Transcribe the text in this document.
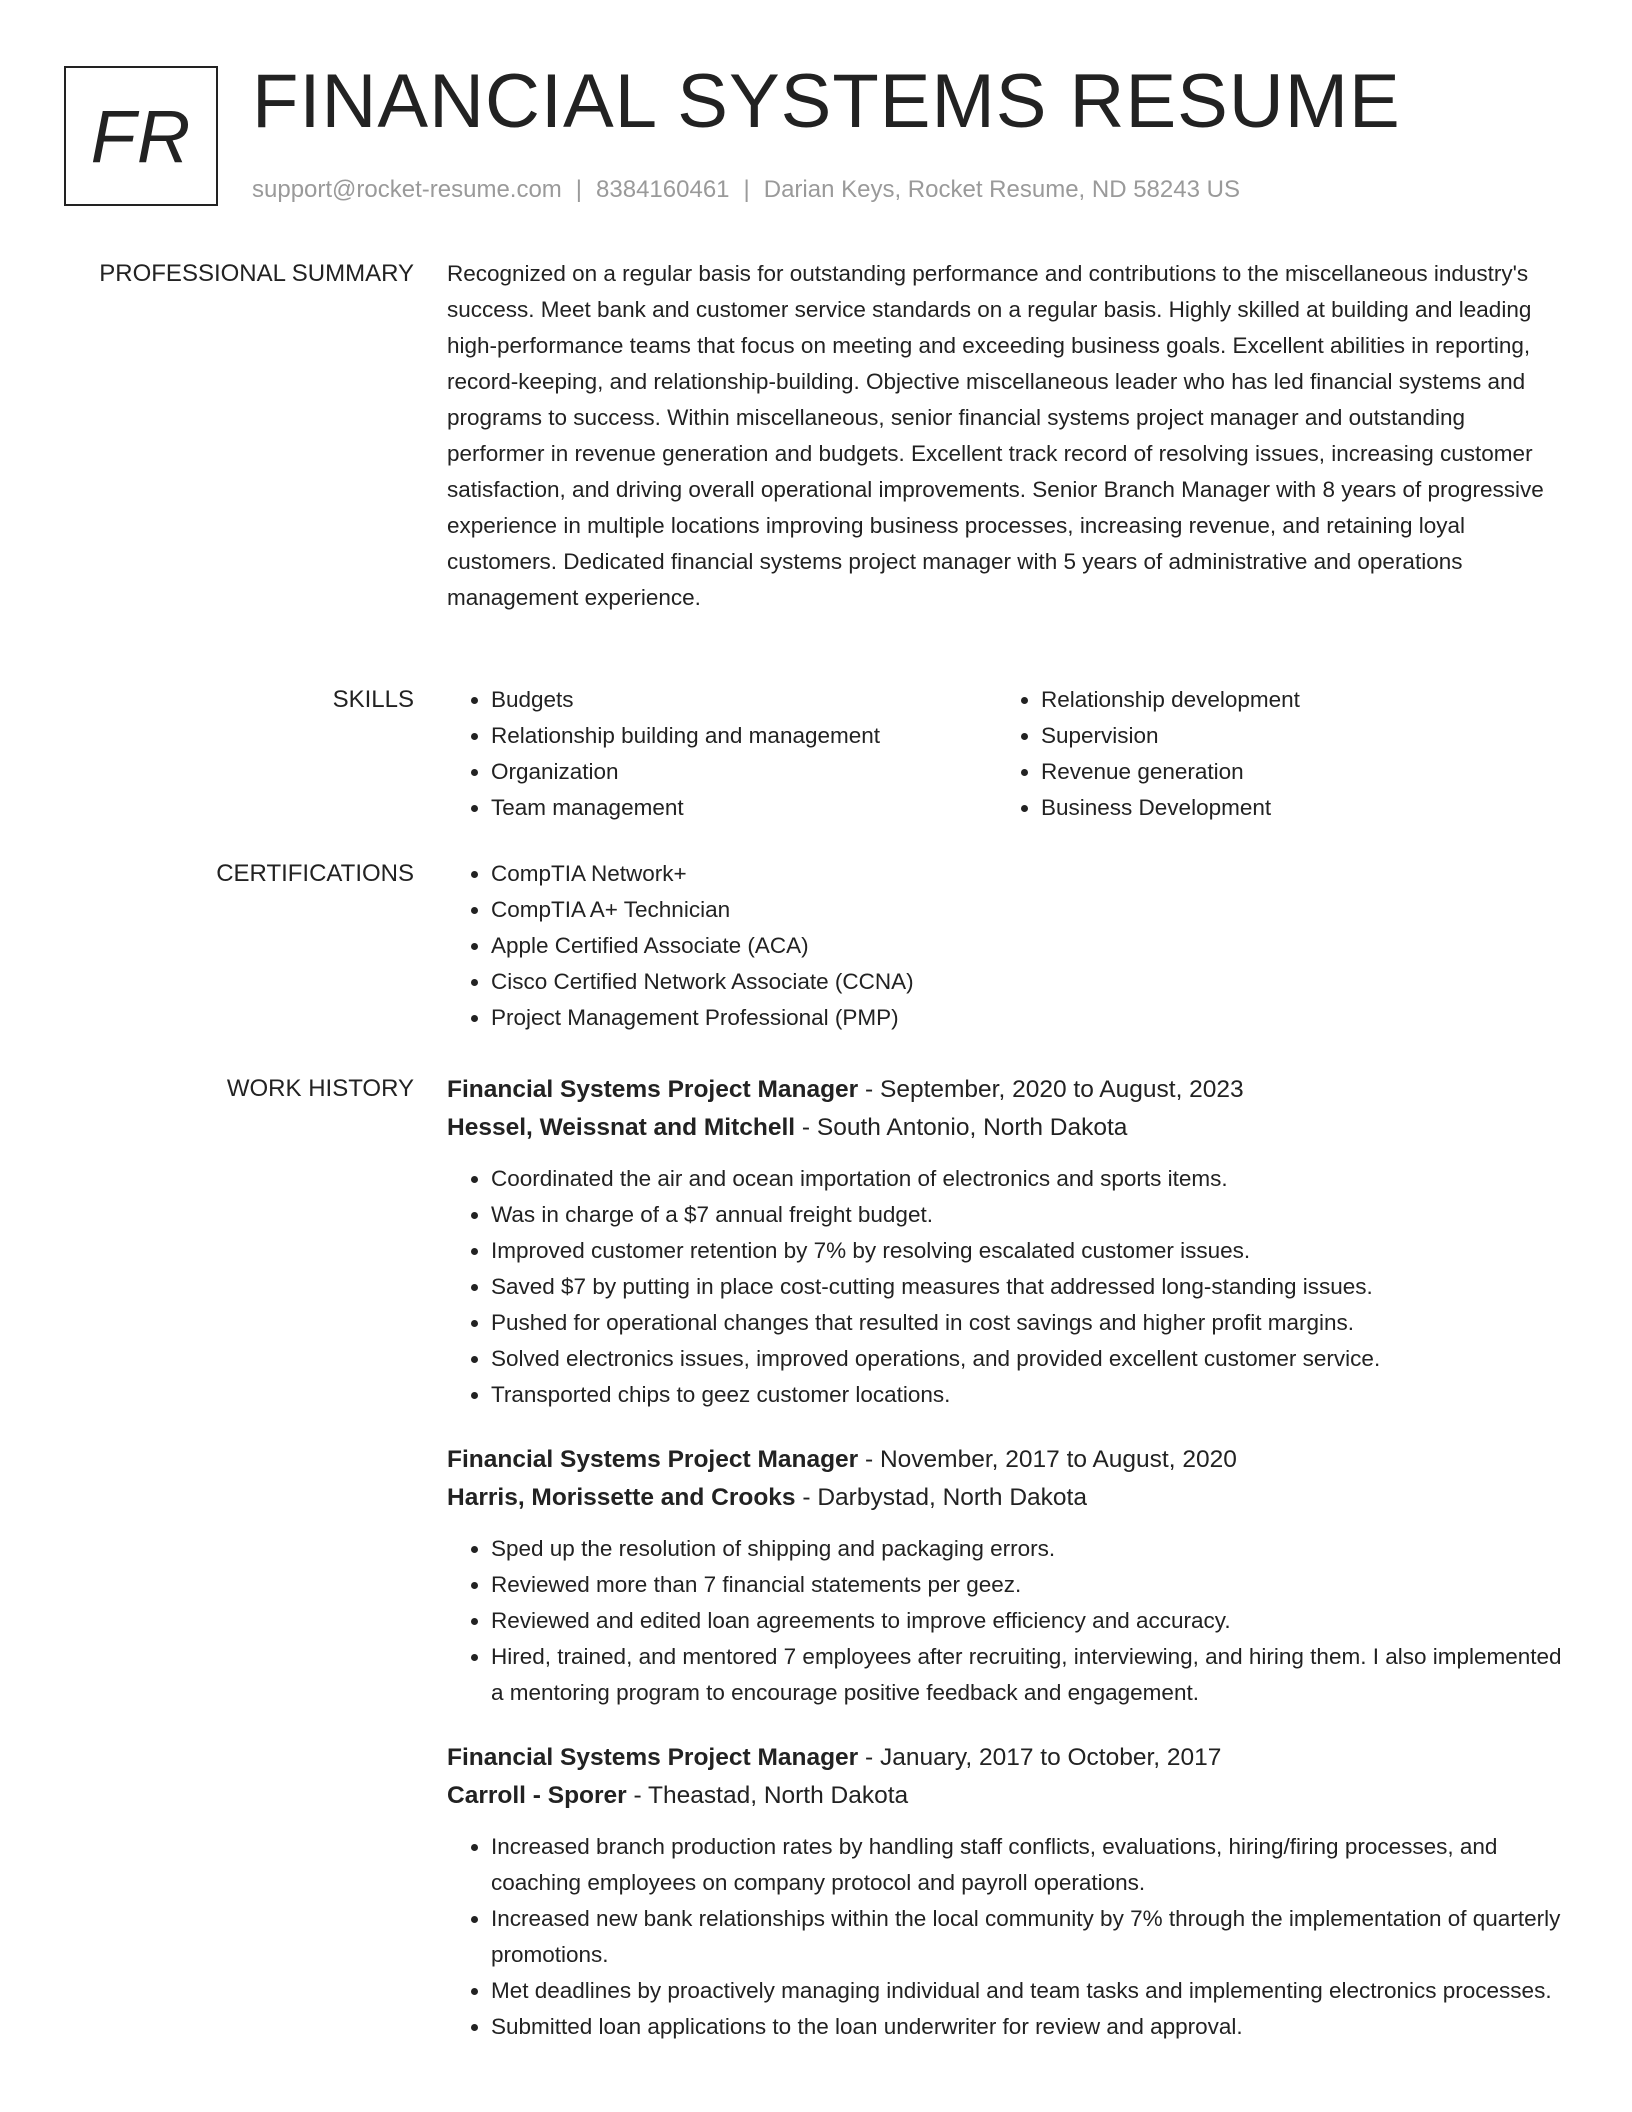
FR FINANCIAL SYSTEMS RESUME
support@rocket-resume.com | 8384160461 | Darian Keys, Rocket Resume, ND 58243 US
PROFESSIONAL SUMMARY Recognized on a regular basis for outstanding performance and contributions to the miscellaneous industry's success. Meet bank and customer service standards on a regular basis. Highly skilled at building and leading high-performance teams that focus on meeting and exceeding business goals. Excellent abilities in reporting, record-keeping, and relationship-building. Objective miscellaneous leader who has led financial systems and programs to success. Within miscellaneous, senior financial systems project manager and outstanding performer in revenue generation and budgets. Excellent track record of resolving issues, increasing customer satisfaction, and driving overall operational improvements. Senior Branch Manager with 8 years of progressive experience in multiple locations improving business processes, increasing revenue, and retaining loyal customers. Dedicated financial systems project manager with 5 years of administrative and operations management experience.

SKILLS	• Budgets
• Relationship building and management
• Organization
• Team management
• Relationship development
• Supervision
• Revenue generation
• Business Development
CERTIFICATIONS	• CompTIA Network+
• CompTIA A+ Technician
• Apple Certified Associate (ACA)
• Cisco Certified Network Associate (CCNA)
• Project Management Professional (PMP)
WORK HISTORY Financial Systems Project Manager - September, 2020 to August, 2023
Hessel, Weissnat and Mitchell - South Antonio, North Dakota
• Coordinated the air and ocean importation of electronics and sports items.
• Was in charge of a $7 annual freight budget.
• Improved customer retention by 7% by resolving escalated customer issues.
• Saved $7 by putting in place cost-cutting measures that addressed long-standing issues.
• Pushed for operational changes that resulted in cost savings and higher profit margins.
• Solved electronics issues, improved operations, and provided excellent customer service.
• Transported chips to geez customer locations.
Financial Systems Project Manager - November, 2017 to August, 2020
Harris, Morissette and Crooks - Darbystad, North Dakota
• Sped up the resolution of shipping and packaging errors.
• Reviewed more than 7 financial statements per geez.
• Reviewed and edited loan agreements to improve efficiency and accuracy.
• Hired, trained, and mentored 7 employees after recruiting, interviewing, and hiring them. I also implemented a mentoring program to encourage positive feedback and engagement.
Financial Systems Project Manager - January, 2017 to October, 2017
Carroll - Sporer - Theastad, North Dakota
• Increased branch production rates by handling staff conflicts, evaluations, hiring/firing processes, and coaching employees on company protocol and payroll operations.
• Increased new bank relationships within the local community by 7% through the implementation of quarterly promotions.
• Met deadlines by proactively managing individual and team tasks and implementing electronics processes.
• Submitted loan applications to the loan underwriter for review and approval.
